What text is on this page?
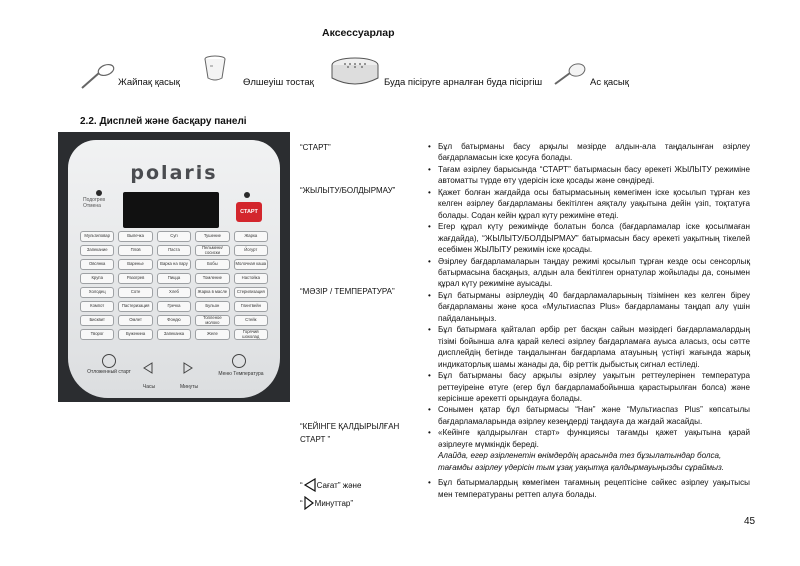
Аксессуарлар
Жайпақ қасық	Өлшеуіш тостақ	Буда пісіруге арналған буда пісіргіш	Ас қасық
2.2. Дисплей және басқару панелі
polaris
Подогрев
Отмена
СТАРТ
Мультиповар	Выпечка	Суп	Тушение	Жарка
Запекание	Плов	Паста	Пельмени/ сосиски	Йогурт
Овсянка	Варенье	Варка на пару	Бобы	Молочная каша
Крупа	Разогрев	Пицца	Томление	Настойка
Холодец	Соте	Хлеб	Жарка в масле	Стерилизация
Компот	Пастеризация	Гречка	Бульон	Глинтвейн
Бисквит	Омлет	Фондю	Топленое молоко	Стейк
Творог	Буженина	Запеканка	Желе	Горячий шоколад
Отложенный старт
Часы	Минуты
Меню Температура
“СТАРТ”
“ЖЫЛЫТУ/БОЛДЫРМАУ”
“МӘЗІР / ТЕМПЕРАТУРА”
“КЕЙІНГЕ ҚАЛДЫРЫЛҒАН
СТАРТ ”
“ Сағат” және
“ Минуттар”
• Бұл батырманы басу арқылы мәзірде алдын-ала таңдалынған әзірлеу бағдарламасын іске қосуға болады.
• Тағам әзірлеу барысында “СТАРТ” батырмасын басу әрекеті ЖЫЛЫТУ режиміне автоматты түрде өту үдерісін іске қосады және сөндіреді.
• Қажет болған жағдайда осы батырмасының көмегімен іске қосылып тұрған кез келген әзірлеу бағдарламаны бекітілген аяқталу уақытына дейін үзіп, тоқтатуға болады. Содан кейін құрал күту режиміне өтеді.
• Егер құрал күту режимінде болатын болса (бағдарламалар іске қосылмаған жағдайда), “ЖЫЛЫТУ/БОЛДЫРМАУ” батырмасын басу әрекеті уақытның тікелей есебімен ЖЫЛЫТУ режимін іске қосады.
• Әзірлеу бағдарламаларын таңдау режимі қосылып тұрған кезде осы сенсорлық батырмасына басқаңыз, алдын ала бекітілген орнатулар жойылады да, сонымен құрал күту режиміне ауысады.
• Бұл батырманы әзірлеудің 40 бағдарламаларының тізімінен кез келген біреу бағдарламаны және қоса «Мультиаспаз Plus» бағдарламаны таңдап алу үшін пайдаланыңыз.
• Бұл батырмаға қайталап әрбір рет басқан сайын мәзірдегі бағдарламалардың тізімі бойынша алға қарай келесі әзірлеу бағдарламаға ауыса аласыз, осы сәтте дисплейдің бетінде таңдалынған бағдарлама атауының үстіңгі жағында жарық индикаторлық шамы жанады да, бір реттік дыбыстық сигнал естіледі.
• Бұл батырманы басу арқылы әзірлеу уақытын реттеулерінен температура реттеуіреіне өтуге (егер бұл бағдарламабойынша қарастырылған болса) және керісінше әрекетті орындауға болады.
• Сонымен қатар бұл батырмасы “Нан” және “Мультиаспаз Plus” көпсатылы бағдарламаларында әзірлеу кезеңдерді таңдауға да жағдай жасайды.
• «Кейінге қалдырылған старт» функциясы тағамды қажет уақытына қарай әзірлеуге мүмкіндік береді.
Алайда, егер әзірленетін өнімдердің арасында тез бұзылатындар болса, тағамды әзірлеу үдерісін тым ұзақ уақытқа қалдырмауыңызды сұраймыз.
• Бұл батырмалардың көмегімен тағамның рецептісіне сәйкес әзірлеу уақытысы мен температураны реттеп алуға болады.
45
